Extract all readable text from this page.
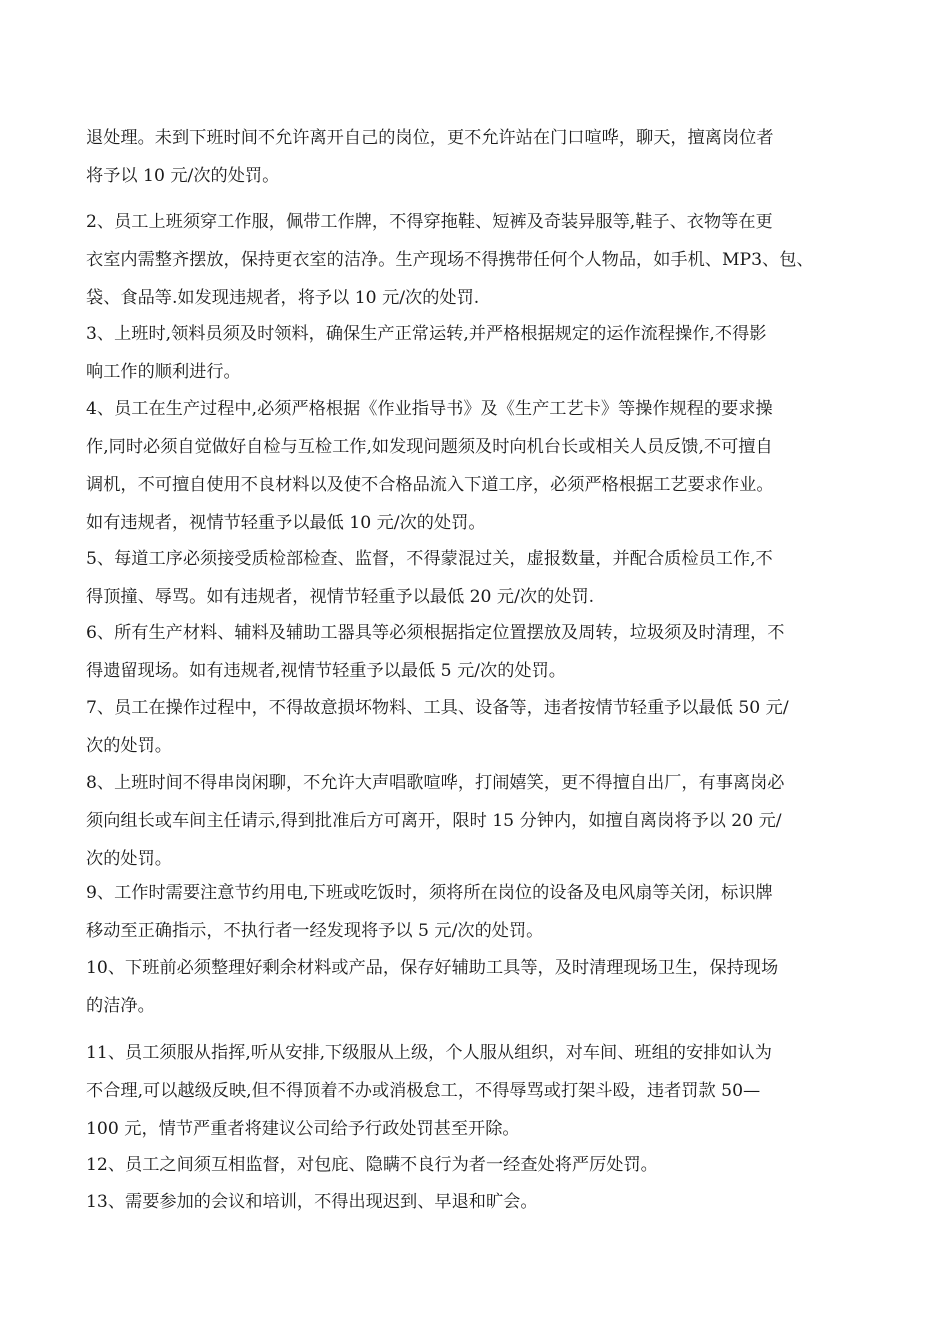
退处理。未到下班时间不允许离开自己的岗位，更不允许站在门口喧哗，聊天，擅离岗位者
将予以 10 元/次的处罚。
2、员工上班须穿工作服，佩带工作牌，不得穿拖鞋、短裤及奇装异服等,鞋子、衣物等在更
衣室内需整齐摆放，保持更衣室的洁净。生产现场不得携带任何个人物品，如手机、MP3、包、
袋、食品等.如发现违规者，将予以 10 元/次的处罚.
3、上班时,领料员须及时领料，确保生产正常运转,并严格根据规定的运作流程操作,不得影
响工作的顺利进行。
4、员工在生产过程中,必须严格根据《作业指导书》及《生产工艺卡》等操作规程的要求操
作,同时必须自觉做好自检与互检工作,如发现问题须及时向机台长或相关人员反馈,不可擅自
调机，不可擅自使用不良材料以及使不合格品流入下道工序，必须严格根据工艺要求作业。
如有违规者，视情节轻重予以最低 10 元/次的处罚。
5、每道工序必须接受质检部检查、监督，不得蒙混过关，虚报数量，并配合质检员工作,不
得顶撞、辱骂。如有违规者，视情节轻重予以最低 20 元/次的处罚.
6、所有生产材料、辅料及辅助工器具等必须根据指定位置摆放及周转，垃圾须及时清理，不
得遗留现场。如有违规者,视情节轻重予以最低 5 元/次的处罚。
7、员工在操作过程中，不得故意损坏物料、工具、设备等，违者按情节轻重予以最低 50 元/
次的处罚。
8、上班时间不得串岗闲聊，不允许大声唱歌喧哗，打闹嬉笑，更不得擅自出厂，有事离岗必
须向组长或车间主任请示,得到批准后方可离开，限时 15 分钟内，如擅自离岗将予以 20 元/
次的处罚。
9、工作时需要注意节约用电,下班或吃饭时，须将所在岗位的设备及电风扇等关闭，标识牌
移动至正确指示，不执行者一经发现将予以 5 元/次的处罚。
10、下班前必须整理好剩余材料或产品，保存好辅助工具等，及时清理现场卫生，保持现场
的洁净。
11、员工须服从指挥,听从安排,下级服从上级，个人服从组织，对车间、班组的安排如认为
不合理,可以越级反映,但不得顶着不办或消极怠工，不得辱骂或打架斗殴，违者罚款 50—
100 元，情节严重者将建议公司给予行政处罚甚至开除。
12、员工之间须互相监督，对包庇、隐瞒不良行为者一经查处将严厉处罚。
13、需要参加的会议和培训，不得出现迟到、早退和旷会。
